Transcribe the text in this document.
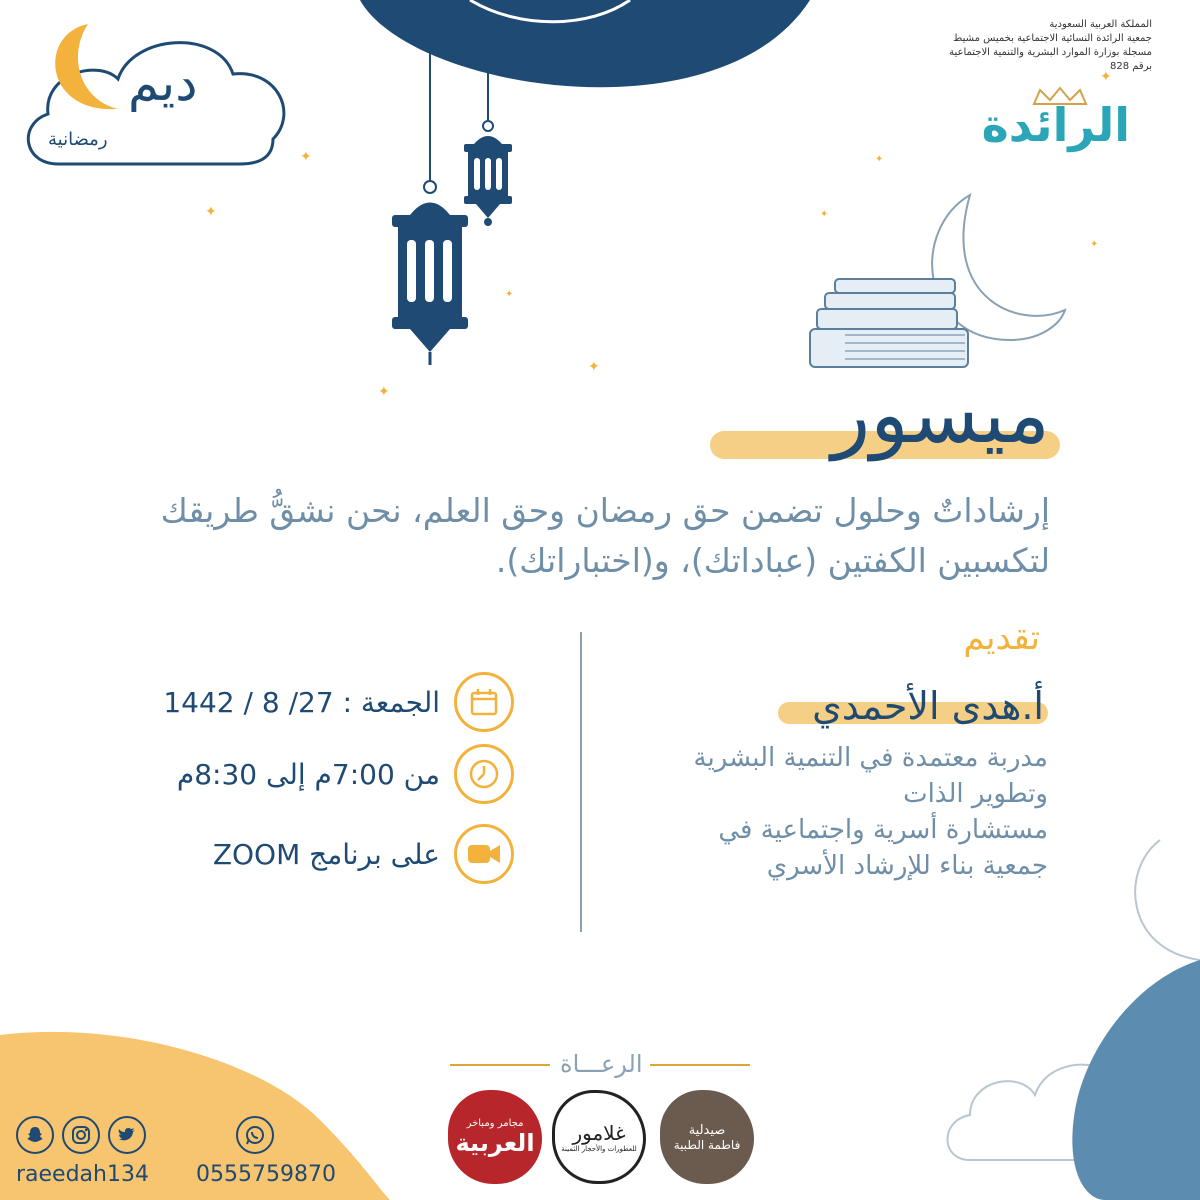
ديم
رمضانية
المملكة العربية السعودية
جمعية الرائدة النسائية الاجتماعية بخميس مشيط
مسجلة بوزارة الموارد البشرية والتنمية الاجتماعية
برقم 828
الرائدة
✦
✦
✦
✦
✦
✦
✦
✦
✦
ميسور
إرشاداتٌ وحلول تضمن حق رمضان وحق العلم، نحن نشقُّ طريقك لتكسبين الكفتين (عباداتك)، و(اختباراتك).
تقديم
أ.هدى الأحمدي
مدربة معتمدة في التنمية البشرية
وتطوير الذات
مستشارة أسرية واجتماعية في
جمعية بناء للإرشاد الأسري
الجمعة : 27/ 8 / 1442
من 7:00م إلى 8:30م
على برنامج ZOOM
الرعـــاة
صيدلية
فاطمة الطبية
غلامور
للعطورات والأحجار الثمينة
مجامر ومباخر
العربية
raeedah134 0555759870
